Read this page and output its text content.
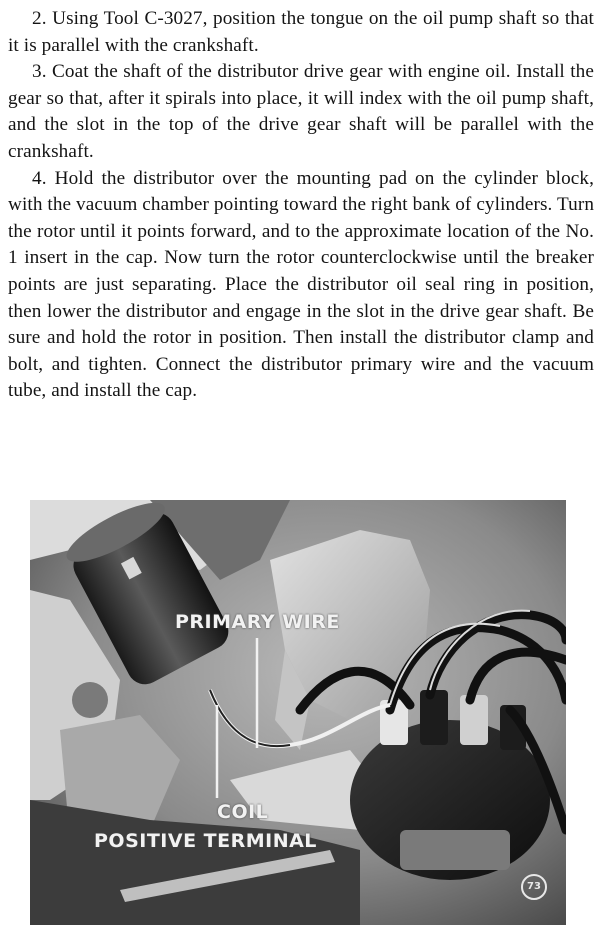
2. Using Tool C-3027, position the tongue on the oil pump shaft so that it is parallel with the crankshaft.

3. Coat the shaft of the distributor drive gear with engine oil. Install the gear so that, after it spirals into place, it will index with the oil pump shaft, and the slot in the top of the drive gear shaft will be parallel with the crankshaft.

4. Hold the distributor over the mounting pad on the cylinder block, with the vacuum chamber pointing toward the right bank of cylinders. Turn the rotor until it points forward, and to the approximate location of the No. 1 insert in the cap. Now turn the rotor counterclockwise until the breaker points are just separating. Place the distributor oil seal ring in position, then lower the distributor and engage in the slot in the drive gear shaft. Be sure and hold the rotor in position. Then install the distributor clamp and bolt, and tighten. Connect the distributor primary wire and the vacuum tube, and install the cap.

PRIMARY WIRE
COIL
POSITIVE TERMINAL
73
